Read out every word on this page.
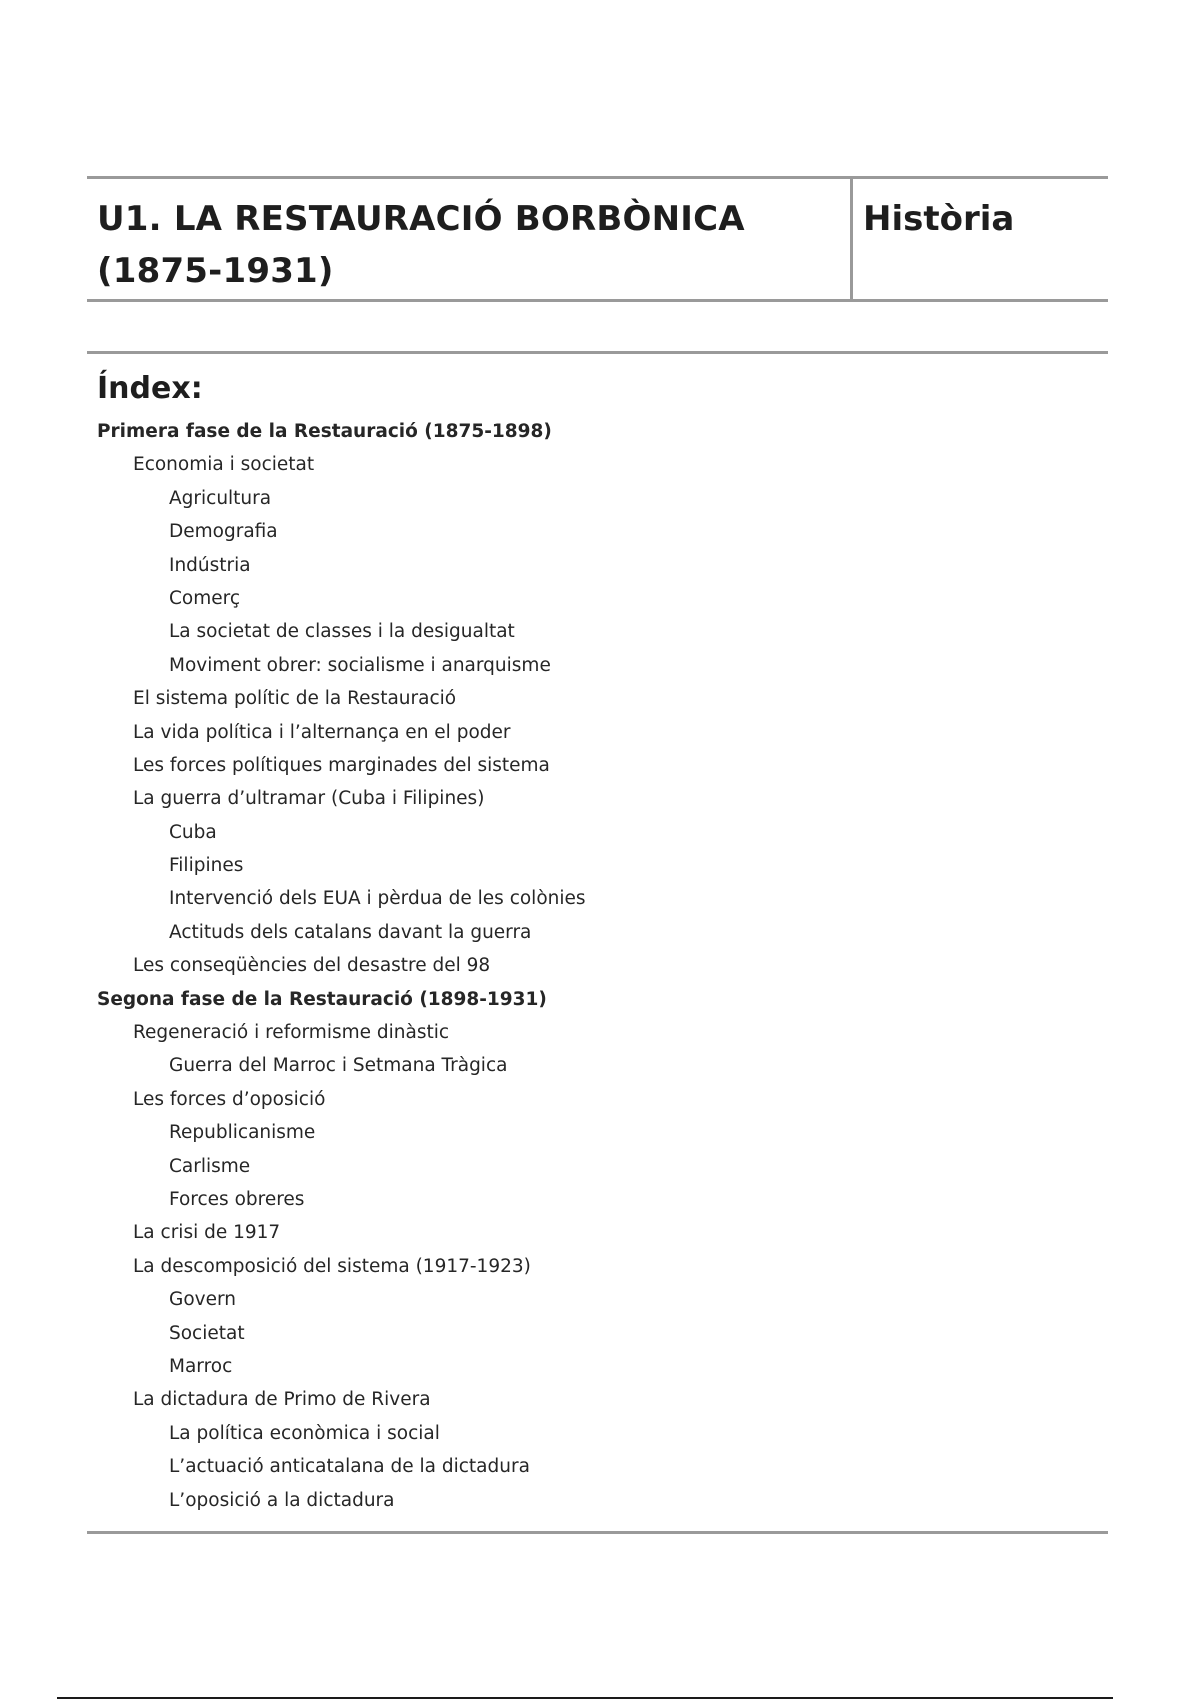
U1. LA RESTAURACIÓ BORBÒNICA (1875-1931)
Història
Índex:
Primera fase de la Restauració (1875-1898)
Economia i societat
Agricultura
Demografia
Indústria
Comerç
La societat de classes i la desigualtat
Moviment obrer: socialisme i anarquisme
El sistema polític de la Restauració
La vida política i l’alternança en el poder
Les forces polítiques marginades del sistema
La guerra d’ultramar (Cuba i Filipines)
Cuba
Filipines
Intervenció dels EUA i pèrdua de les colònies
Actituds dels catalans davant la guerra
Les conseqüències del desastre del 98
Segona fase de la Restauració (1898-1931)
Regeneració i reformisme dinàstic
Guerra del Marroc i Setmana Tràgica
Les forces d’oposició
Republicanisme
Carlisme
Forces obreres
La crisi de 1917
La descomposició del sistema (1917-1923)
Govern
Societat
Marroc
La dictadura de Primo de Rivera
La política econòmica i social
L’actuació anticatalana de la dictadura
L’oposició a la dictadura
